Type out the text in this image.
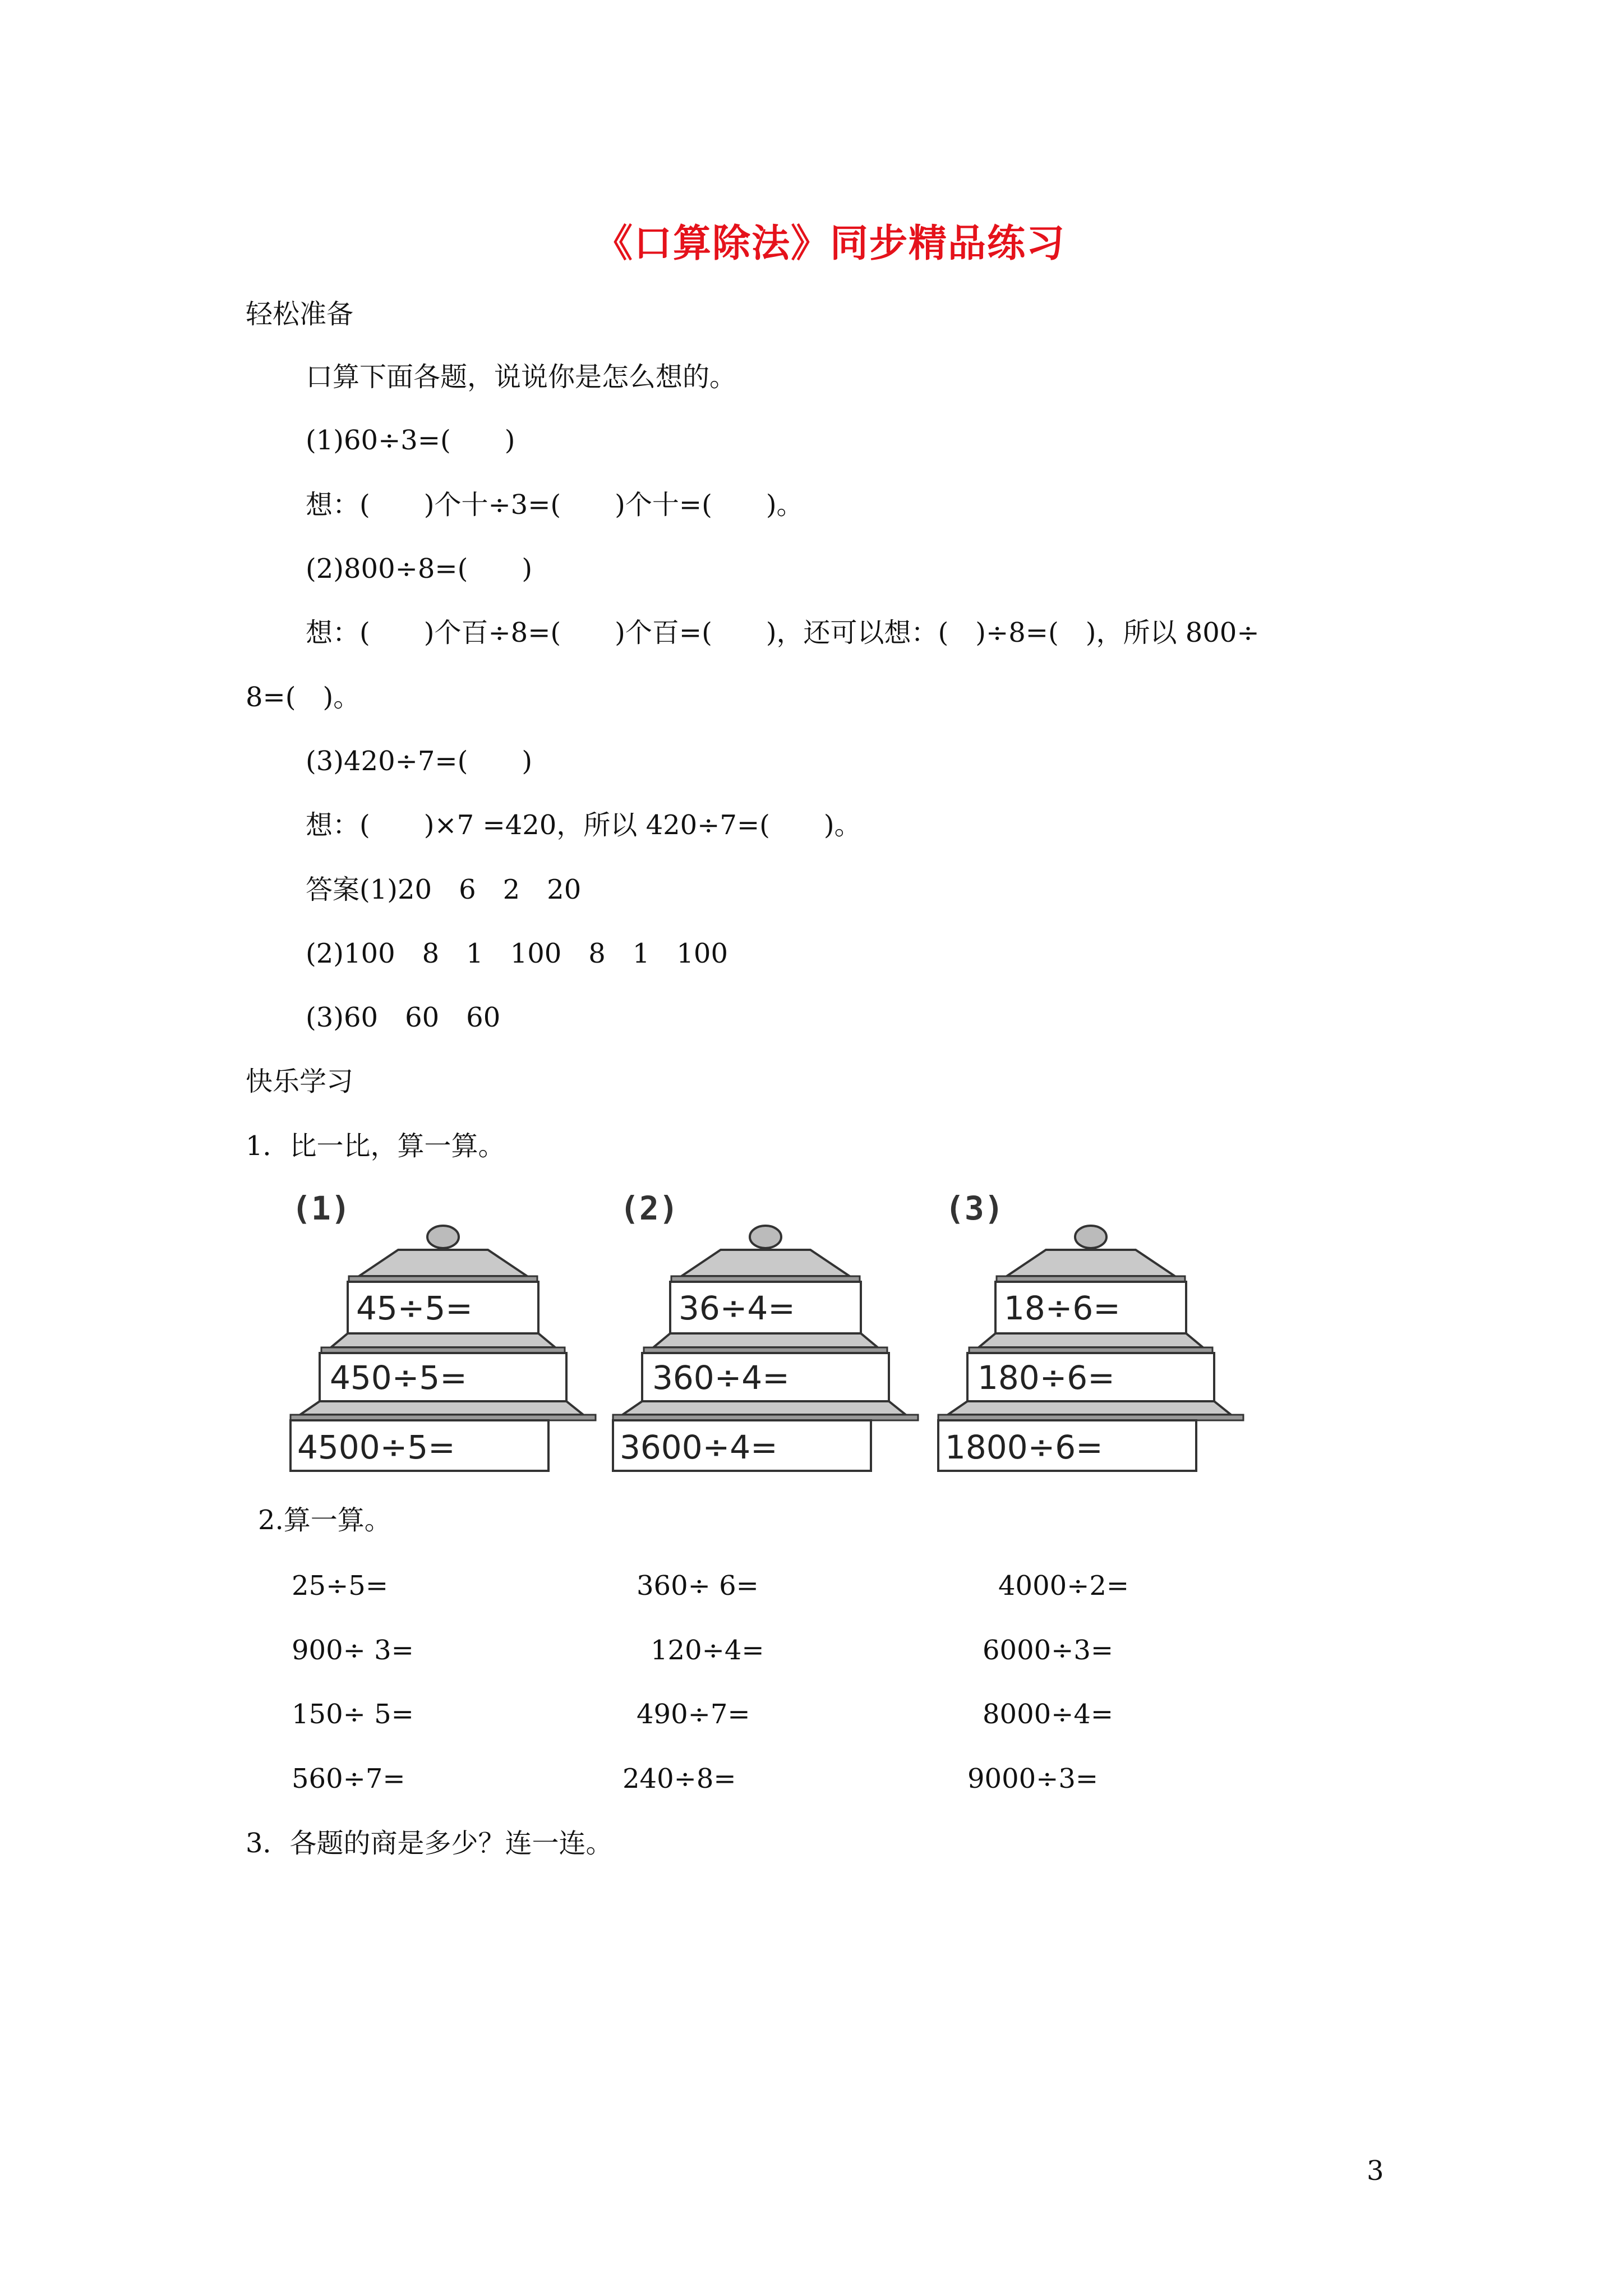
《口算除法》同步精品练习
轻松准备
口算下面各题，说说你是怎么想的。
(1)60÷3=(　　)
想：(　　)个十÷3=(　　)个十=(　　)。
(2)800÷8=(　　)
想：(　　)个百÷8=(　　)个百=(　　)，还可以想：(　)÷8=(　)，所以 800÷
8=(　)。
(3)420÷7=(　　)
想：(　　)×7 =420，所以 420÷7=(　　)。
答案(1)20　6　2　20
(2)100　8　1　100　8　1　100
(3)60　60　60
快乐学习
1．比一比，算一算。
(1)	(2)	(3)
45÷5=
450÷5=
4500÷5=
36÷4=
360÷4=
3600÷4=
18÷6=
180÷6=
1800÷6=
2.算一算。
25÷5=	360÷ 6=	4000÷2=
900÷ 3=	120÷4=	6000÷3=
150÷ 5=	490÷7=	8000÷4=
560÷7=	240÷8=	9000÷3=
3．各题的商是多少？连一连。
3
